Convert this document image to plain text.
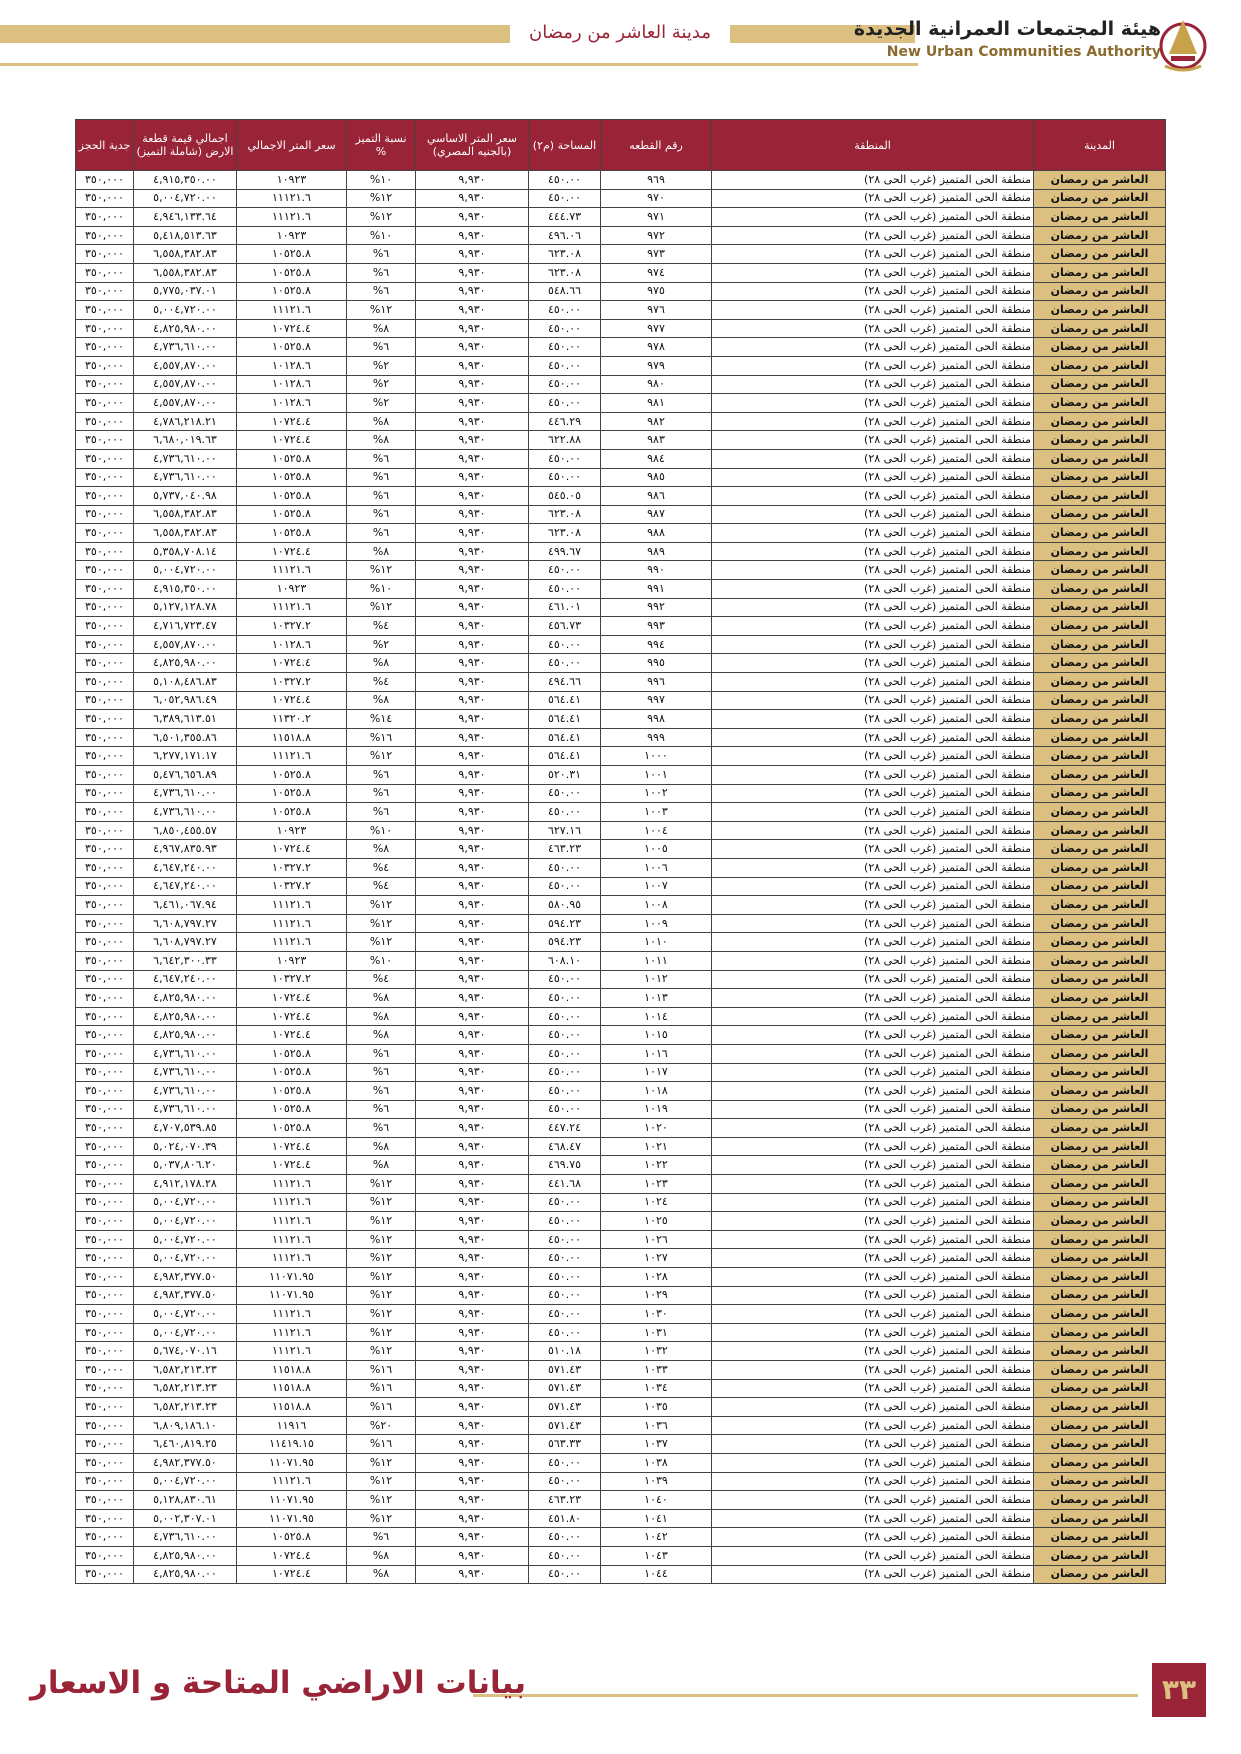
مدينة العاشر من رمضان	هيئة المجتمعات العمرانية الجديدة
New Urban Communities Authority
المدينة	المنطقة	رقم القطعه	المساحة (م٢)	سعر المتر الاساسي (بالجنيه المصري)	نسبة التميز %	سعر المتر الاجمالي	اجمالي قيمة قطعة الارض (شاملة التميز)	جدية الحجز
العاشر من رمضان	منطقة الحى المتميز (غرب الحى ٢٨)	٩٦٩	٤٥٠.٠٠	٩,٩٣٠	١٠%	١٠٩٢٣	٤,٩١٥,٣٥٠.٠٠	٣٥٠,٠٠٠
العاشر من رمضان	منطقة الحى المتميز (غرب الحى ٢٨)	٩٧٠	٤٥٠.٠٠	٩,٩٣٠	١٢%	١١١٢١.٦	٥,٠٠٤,٧٢٠.٠٠	٣٥٠,٠٠٠
العاشر من رمضان	منطقة الحى المتميز (غرب الحى ٢٨)	٩٧١	٤٤٤.٧٣	٩,٩٣٠	١٢%	١١١٢١.٦	٤,٩٤٦,١٣٣.٦٤	٣٥٠,٠٠٠
العاشر من رمضان	منطقة الحى المتميز (غرب الحى ٢٨)	٩٧٢	٤٩٦.٠٦	٩,٩٣٠	١٠%	١٠٩٢٣	٥,٤١٨,٥١٣.٦٣	٣٥٠,٠٠٠
العاشر من رمضان	منطقة الحى المتميز (غرب الحى ٢٨)	٩٧٣	٦٢٣.٠٨	٩,٩٣٠	٦%	١٠٥٢٥.٨	٦,٥٥٨,٣٨٢.٨٣	٣٥٠,٠٠٠
العاشر من رمضان	منطقة الحى المتميز (غرب الحى ٢٨)	٩٧٤	٦٢٣.٠٨	٩,٩٣٠	٦%	١٠٥٢٥.٨	٦,٥٥٨,٣٨٢.٨٣	٣٥٠,٠٠٠
العاشر من رمضان	منطقة الحى المتميز (غرب الحى ٢٨)	٩٧٥	٥٤٨.٦٦	٩,٩٣٠	٦%	١٠٥٢٥.٨	٥,٧٧٥,٠٣٧.٠١	٣٥٠,٠٠٠
العاشر من رمضان	منطقة الحى المتميز (غرب الحى ٢٨)	٩٧٦	٤٥٠.٠٠	٩,٩٣٠	١٢%	١١١٢١.٦	٥,٠٠٤,٧٢٠.٠٠	٣٥٠,٠٠٠
العاشر من رمضان	منطقة الحى المتميز (غرب الحى ٢٨)	٩٧٧	٤٥٠.٠٠	٩,٩٣٠	٨%	١٠٧٢٤.٤	٤,٨٢٥,٩٨٠.٠٠	٣٥٠,٠٠٠
العاشر من رمضان	منطقة الحى المتميز (غرب الحى ٢٨)	٩٧٨	٤٥٠.٠٠	٩,٩٣٠	٦%	١٠٥٢٥.٨	٤,٧٣٦,٦١٠.٠٠	٣٥٠,٠٠٠
العاشر من رمضان	منطقة الحى المتميز (غرب الحى ٢٨)	٩٧٩	٤٥٠.٠٠	٩,٩٣٠	٢%	١٠١٢٨.٦	٤,٥٥٧,٨٧٠.٠٠	٣٥٠,٠٠٠
العاشر من رمضان	منطقة الحى المتميز (غرب الحى ٢٨)	٩٨٠	٤٥٠.٠٠	٩,٩٣٠	٢%	١٠١٢٨.٦	٤,٥٥٧,٨٧٠.٠٠	٣٥٠,٠٠٠
العاشر من رمضان	منطقة الحى المتميز (غرب الحى ٢٨)	٩٨١	٤٥٠.٠٠	٩,٩٣٠	٢%	١٠١٢٨.٦	٤,٥٥٧,٨٧٠.٠٠	٣٥٠,٠٠٠
العاشر من رمضان	منطقة الحى المتميز (غرب الحى ٢٨)	٩٨٢	٤٤٦.٢٩	٩,٩٣٠	٨%	١٠٧٢٤.٤	٤,٧٨٦,٢١٨.٢١	٣٥٠,٠٠٠
العاشر من رمضان	منطقة الحى المتميز (غرب الحى ٢٨)	٩٨٣	٦٢٢.٨٨	٩,٩٣٠	٨%	١٠٧٢٤.٤	٦,٦٨٠,٠١٩.٦٣	٣٥٠,٠٠٠
العاشر من رمضان	منطقة الحى المتميز (غرب الحى ٢٨)	٩٨٤	٤٥٠.٠٠	٩,٩٣٠	٦%	١٠٥٢٥.٨	٤,٧٣٦,٦١٠.٠٠	٣٥٠,٠٠٠
العاشر من رمضان	منطقة الحى المتميز (غرب الحى ٢٨)	٩٨٥	٤٥٠.٠٠	٩,٩٣٠	٦%	١٠٥٢٥.٨	٤,٧٣٦,٦١٠.٠٠	٣٥٠,٠٠٠
العاشر من رمضان	منطقة الحى المتميز (غرب الحى ٢٨)	٩٨٦	٥٤٥.٠٥	٩,٩٣٠	٦%	١٠٥٢٥.٨	٥,٧٣٧,٠٤٠.٩٨	٣٥٠,٠٠٠
العاشر من رمضان	منطقة الحى المتميز (غرب الحى ٢٨)	٩٨٧	٦٢٣.٠٨	٩,٩٣٠	٦%	١٠٥٢٥.٨	٦,٥٥٨,٣٨٢.٨٣	٣٥٠,٠٠٠
العاشر من رمضان	منطقة الحى المتميز (غرب الحى ٢٨)	٩٨٨	٦٢٣.٠٨	٩,٩٣٠	٦%	١٠٥٢٥.٨	٦,٥٥٨,٣٨٢.٨٣	٣٥٠,٠٠٠
العاشر من رمضان	منطقة الحى المتميز (غرب الحى ٢٨)	٩٨٩	٤٩٩.٦٧	٩,٩٣٠	٨%	١٠٧٢٤.٤	٥,٣٥٨,٧٠٨.١٤	٣٥٠,٠٠٠
العاشر من رمضان	منطقة الحى المتميز (غرب الحى ٢٨)	٩٩٠	٤٥٠.٠٠	٩,٩٣٠	١٢%	١١١٢١.٦	٥,٠٠٤,٧٢٠.٠٠	٣٥٠,٠٠٠
العاشر من رمضان	منطقة الحى المتميز (غرب الحى ٢٨)	٩٩١	٤٥٠.٠٠	٩,٩٣٠	١٠%	١٠٩٢٣	٤,٩١٥,٣٥٠.٠٠	٣٥٠,٠٠٠
العاشر من رمضان	منطقة الحى المتميز (غرب الحى ٢٨)	٩٩٢	٤٦١.٠١	٩,٩٣٠	١٢%	١١١٢١.٦	٥,١٢٧,١٢٨.٧٨	٣٥٠,٠٠٠
العاشر من رمضان	منطقة الحى المتميز (غرب الحى ٢٨)	٩٩٣	٤٥٦.٧٣	٩,٩٣٠	٤%	١٠٣٢٧.٢	٤,٧١٦,٧٢٣.٤٧	٣٥٠,٠٠٠
العاشر من رمضان	منطقة الحى المتميز (غرب الحى ٢٨)	٩٩٤	٤٥٠.٠٠	٩,٩٣٠	٢%	١٠١٢٨.٦	٤,٥٥٧,٨٧٠.٠٠	٣٥٠,٠٠٠
العاشر من رمضان	منطقة الحى المتميز (غرب الحى ٢٨)	٩٩٥	٤٥٠.٠٠	٩,٩٣٠	٨%	١٠٧٢٤.٤	٤,٨٢٥,٩٨٠.٠٠	٣٥٠,٠٠٠
العاشر من رمضان	منطقة الحى المتميز (غرب الحى ٢٨)	٩٩٦	٤٩٤.٦٦	٩,٩٣٠	٤%	١٠٣٢٧.٢	٥,١٠٨,٤٨٦.٨٣	٣٥٠,٠٠٠
العاشر من رمضان	منطقة الحى المتميز (غرب الحى ٢٨)	٩٩٧	٥٦٤.٤١	٩,٩٣٠	٨%	١٠٧٢٤.٤	٦,٠٥٢,٩٨٦.٤٩	٣٥٠,٠٠٠
العاشر من رمضان	منطقة الحى المتميز (غرب الحى ٢٨)	٩٩٨	٥٦٤.٤١	٩,٩٣٠	١٤%	١١٣٢٠.٢	٦,٣٨٩,٦١٣.٥١	٣٥٠,٠٠٠
العاشر من رمضان	منطقة الحى المتميز (غرب الحى ٢٨)	٩٩٩	٥٦٤.٤١	٩,٩٣٠	١٦%	١١٥١٨.٨	٦,٥٠١,٣٥٥.٨٦	٣٥٠,٠٠٠
العاشر من رمضان	منطقة الحى المتميز (غرب الحى ٢٨)	١٠٠٠	٥٦٤.٤١	٩,٩٣٠	١٢%	١١١٢١.٦	٦,٢٧٧,١٧١.١٧	٣٥٠,٠٠٠
العاشر من رمضان	منطقة الحى المتميز (غرب الحى ٢٨)	١٠٠١	٥٢٠.٣١	٩,٩٣٠	٦%	١٠٥٢٥.٨	٥,٤٧٦,٦٥٦.٨٩	٣٥٠,٠٠٠
العاشر من رمضان	منطقة الحى المتميز (غرب الحى ٢٨)	١٠٠٢	٤٥٠.٠٠	٩,٩٣٠	٦%	١٠٥٢٥.٨	٤,٧٣٦,٦١٠.٠٠	٣٥٠,٠٠٠
العاشر من رمضان	منطقة الحى المتميز (غرب الحى ٢٨)	١٠٠٣	٤٥٠.٠٠	٩,٩٣٠	٦%	١٠٥٢٥.٨	٤,٧٣٦,٦١٠.٠٠	٣٥٠,٠٠٠
العاشر من رمضان	منطقة الحى المتميز (غرب الحى ٢٨)	١٠٠٤	٦٢٧.١٦	٩,٩٣٠	١٠%	١٠٩٢٣	٦,٨٥٠,٤٥٥.٥٧	٣٥٠,٠٠٠
العاشر من رمضان	منطقة الحى المتميز (غرب الحى ٢٨)	١٠٠٥	٤٦٣.٢٣	٩,٩٣٠	٨%	١٠٧٢٤.٤	٤,٩٦٧,٨٣٥.٩٣	٣٥٠,٠٠٠
العاشر من رمضان	منطقة الحى المتميز (غرب الحى ٢٨)	١٠٠٦	٤٥٠.٠٠	٩,٩٣٠	٤%	١٠٣٢٧.٢	٤,٦٤٧,٢٤٠.٠٠	٣٥٠,٠٠٠
العاشر من رمضان	منطقة الحى المتميز (غرب الحى ٢٨)	١٠٠٧	٤٥٠.٠٠	٩,٩٣٠	٤%	١٠٣٢٧.٢	٤,٦٤٧,٢٤٠.٠٠	٣٥٠,٠٠٠
العاشر من رمضان	منطقة الحى المتميز (غرب الحى ٢٨)	١٠٠٨	٥٨٠.٩٥	٩,٩٣٠	١٢%	١١١٢١.٦	٦,٤٦١,٠٦٧.٩٤	٣٥٠,٠٠٠
العاشر من رمضان	منطقة الحى المتميز (غرب الحى ٢٨)	١٠٠٩	٥٩٤.٢٣	٩,٩٣٠	١٢%	١١١٢١.٦	٦,٦٠٨,٧٩٧.٢٧	٣٥٠,٠٠٠
العاشر من رمضان	منطقة الحى المتميز (غرب الحى ٢٨)	١٠١٠	٥٩٤.٢٣	٩,٩٣٠	١٢%	١١١٢١.٦	٦,٦٠٨,٧٩٧.٢٧	٣٥٠,٠٠٠
العاشر من رمضان	منطقة الحى المتميز (غرب الحى ٢٨)	١٠١١	٦٠٨.١٠	٩,٩٣٠	١٠%	١٠٩٢٣	٦,٦٤٢,٣٠٠.٣٣	٣٥٠,٠٠٠
العاشر من رمضان	منطقة الحى المتميز (غرب الحى ٢٨)	١٠١٢	٤٥٠.٠٠	٩,٩٣٠	٤%	١٠٣٢٧.٢	٤,٦٤٧,٢٤٠.٠٠	٣٥٠,٠٠٠
العاشر من رمضان	منطقة الحى المتميز (غرب الحى ٢٨)	١٠١٣	٤٥٠.٠٠	٩,٩٣٠	٨%	١٠٧٢٤.٤	٤,٨٢٥,٩٨٠.٠٠	٣٥٠,٠٠٠
العاشر من رمضان	منطقة الحى المتميز (غرب الحى ٢٨)	١٠١٤	٤٥٠.٠٠	٩,٩٣٠	٨%	١٠٧٢٤.٤	٤,٨٢٥,٩٨٠.٠٠	٣٥٠,٠٠٠
العاشر من رمضان	منطقة الحى المتميز (غرب الحى ٢٨)	١٠١٥	٤٥٠.٠٠	٩,٩٣٠	٨%	١٠٧٢٤.٤	٤,٨٢٥,٩٨٠.٠٠	٣٥٠,٠٠٠
العاشر من رمضان	منطقة الحى المتميز (غرب الحى ٢٨)	١٠١٦	٤٥٠.٠٠	٩,٩٣٠	٦%	١٠٥٢٥.٨	٤,٧٣٦,٦١٠.٠٠	٣٥٠,٠٠٠
العاشر من رمضان	منطقة الحى المتميز (غرب الحى ٢٨)	١٠١٧	٤٥٠.٠٠	٩,٩٣٠	٦%	١٠٥٢٥.٨	٤,٧٣٦,٦١٠.٠٠	٣٥٠,٠٠٠
العاشر من رمضان	منطقة الحى المتميز (غرب الحى ٢٨)	١٠١٨	٤٥٠.٠٠	٩,٩٣٠	٦%	١٠٥٢٥.٨	٤,٧٣٦,٦١٠.٠٠	٣٥٠,٠٠٠
العاشر من رمضان	منطقة الحى المتميز (غرب الحى ٢٨)	١٠١٩	٤٥٠.٠٠	٩,٩٣٠	٦%	١٠٥٢٥.٨	٤,٧٣٦,٦١٠.٠٠	٣٥٠,٠٠٠
العاشر من رمضان	منطقة الحى المتميز (غرب الحى ٢٨)	١٠٢٠	٤٤٧.٢٤	٩,٩٣٠	٦%	١٠٥٢٥.٨	٤,٧٠٧,٥٣٩.٨٥	٣٥٠,٠٠٠
العاشر من رمضان	منطقة الحى المتميز (غرب الحى ٢٨)	١٠٢١	٤٦٨.٤٧	٩,٩٣٠	٨%	١٠٧٢٤.٤	٥,٠٢٤,٠٧٠.٣٩	٣٥٠,٠٠٠
العاشر من رمضان	منطقة الحى المتميز (غرب الحى ٢٨)	١٠٢٢	٤٦٩.٧٥	٩,٩٣٠	٨%	١٠٧٢٤.٤	٥,٠٣٧,٨٠٦.٢٠	٣٥٠,٠٠٠
العاشر من رمضان	منطقة الحى المتميز (غرب الحى ٢٨)	١٠٢٣	٤٤١.٦٨	٩,٩٣٠	١٢%	١١١٢١.٦	٤,٩١٢,١٧٨.٢٨	٣٥٠,٠٠٠
العاشر من رمضان	منطقة الحى المتميز (غرب الحى ٢٨)	١٠٢٤	٤٥٠.٠٠	٩,٩٣٠	١٢%	١١١٢١.٦	٥,٠٠٤,٧٢٠.٠٠	٣٥٠,٠٠٠
العاشر من رمضان	منطقة الحى المتميز (غرب الحى ٢٨)	١٠٢٥	٤٥٠.٠٠	٩,٩٣٠	١٢%	١١١٢١.٦	٥,٠٠٤,٧٢٠.٠٠	٣٥٠,٠٠٠
العاشر من رمضان	منطقة الحى المتميز (غرب الحى ٢٨)	١٠٢٦	٤٥٠.٠٠	٩,٩٣٠	١٢%	١١١٢١.٦	٥,٠٠٤,٧٢٠.٠٠	٣٥٠,٠٠٠
العاشر من رمضان	منطقة الحى المتميز (غرب الحى ٢٨)	١٠٢٧	٤٥٠.٠٠	٩,٩٣٠	١٢%	١١١٢١.٦	٥,٠٠٤,٧٢٠.٠٠	٣٥٠,٠٠٠
العاشر من رمضان	منطقة الحى المتميز (غرب الحى ٢٨)	١٠٢٨	٤٥٠.٠٠	٩,٩٣٠	١٢%	١١٠٧١.٩٥	٤,٩٨٢,٣٧٧.٥٠	٣٥٠,٠٠٠
العاشر من رمضان	منطقة الحى المتميز (غرب الحى ٢٨)	١٠٢٩	٤٥٠.٠٠	٩,٩٣٠	١٢%	١١٠٧١.٩٥	٤,٩٨٢,٣٧٧.٥٠	٣٥٠,٠٠٠
العاشر من رمضان	منطقة الحى المتميز (غرب الحى ٢٨)	١٠٣٠	٤٥٠.٠٠	٩,٩٣٠	١٢%	١١١٢١.٦	٥,٠٠٤,٧٢٠.٠٠	٣٥٠,٠٠٠
العاشر من رمضان	منطقة الحى المتميز (غرب الحى ٢٨)	١٠٣١	٤٥٠.٠٠	٩,٩٣٠	١٢%	١١١٢١.٦	٥,٠٠٤,٧٢٠.٠٠	٣٥٠,٠٠٠
العاشر من رمضان	منطقة الحى المتميز (غرب الحى ٢٨)	١٠٣٢	٥١٠.١٨	٩,٩٣٠	١٢%	١١١٢١.٦	٥,٦٧٤,٠٧٠.١٦	٣٥٠,٠٠٠
العاشر من رمضان	منطقة الحى المتميز (غرب الحى ٢٨)	١٠٣٣	٥٧١.٤٣	٩,٩٣٠	١٦%	١١٥١٨.٨	٦,٥٨٢,٢١٣.٢٣	٣٥٠,٠٠٠
العاشر من رمضان	منطقة الحى المتميز (غرب الحى ٢٨)	١٠٣٤	٥٧١.٤٣	٩,٩٣٠	١٦%	١١٥١٨.٨	٦,٥٨٢,٢١٣.٢٣	٣٥٠,٠٠٠
العاشر من رمضان	منطقة الحى المتميز (غرب الحى ٢٨)	١٠٣٥	٥٧١.٤٣	٩,٩٣٠	١٦%	١١٥١٨.٨	٦,٥٨٢,٢١٣.٢٣	٣٥٠,٠٠٠
العاشر من رمضان	منطقة الحى المتميز (غرب الحى ٢٨)	١٠٣٦	٥٧١.٤٣	٩,٩٣٠	٢٠%	١١٩١٦	٦,٨٠٩,١٨٦.١٠	٣٥٠,٠٠٠
العاشر من رمضان	منطقة الحى المتميز (غرب الحى ٢٨)	١٠٣٧	٥٦٣.٣٣	٩,٩٣٠	١٦%	١١٤١٩.١٥	٦,٤٦٠,٨١٩.٢٥	٣٥٠,٠٠٠
العاشر من رمضان	منطقة الحى المتميز (غرب الحى ٢٨)	١٠٣٨	٤٥٠.٠٠	٩,٩٣٠	١٢%	١١٠٧١.٩٥	٤,٩٨٢,٣٧٧.٥٠	٣٥٠,٠٠٠
العاشر من رمضان	منطقة الحى المتميز (غرب الحى ٢٨)	١٠٣٩	٤٥٠.٠٠	٩,٩٣٠	١٢%	١١١٢١.٦	٥,٠٠٤,٧٢٠.٠٠	٣٥٠,٠٠٠
العاشر من رمضان	منطقة الحى المتميز (غرب الحى ٢٨)	١٠٤٠	٤٦٣.٢٣	٩,٩٣٠	١٢%	١١٠٧١.٩٥	٥,١٢٨,٨٣٠.٦١	٣٥٠,٠٠٠
العاشر من رمضان	منطقة الحى المتميز (غرب الحى ٢٨)	١٠٤١	٤٥١.٨٠	٩,٩٣٠	١٢%	١١٠٧١.٩٥	٥,٠٠٢,٣٠٧.٠١	٣٥٠,٠٠٠
العاشر من رمضان	منطقة الحى المتميز (غرب الحى ٢٨)	١٠٤٢	٤٥٠.٠٠	٩,٩٣٠	٦%	١٠٥٢٥.٨	٤,٧٣٦,٦١٠.٠٠	٣٥٠,٠٠٠
العاشر من رمضان	منطقة الحى المتميز (غرب الحى ٢٨)	١٠٤٣	٤٥٠.٠٠	٩,٩٣٠	٨%	١٠٧٢٤.٤	٤,٨٢٥,٩٨٠.٠٠	٣٥٠,٠٠٠
العاشر من رمضان	منطقة الحى المتميز (غرب الحى ٢٨)	١٠٤٤	٤٥٠.٠٠	٩,٩٣٠	٨%	١٠٧٢٤.٤	٤,٨٢٥,٩٨٠.٠٠	٣٥٠,٠٠٠
بيانات الاراضي المتاحة و الاسعار	٣٣
